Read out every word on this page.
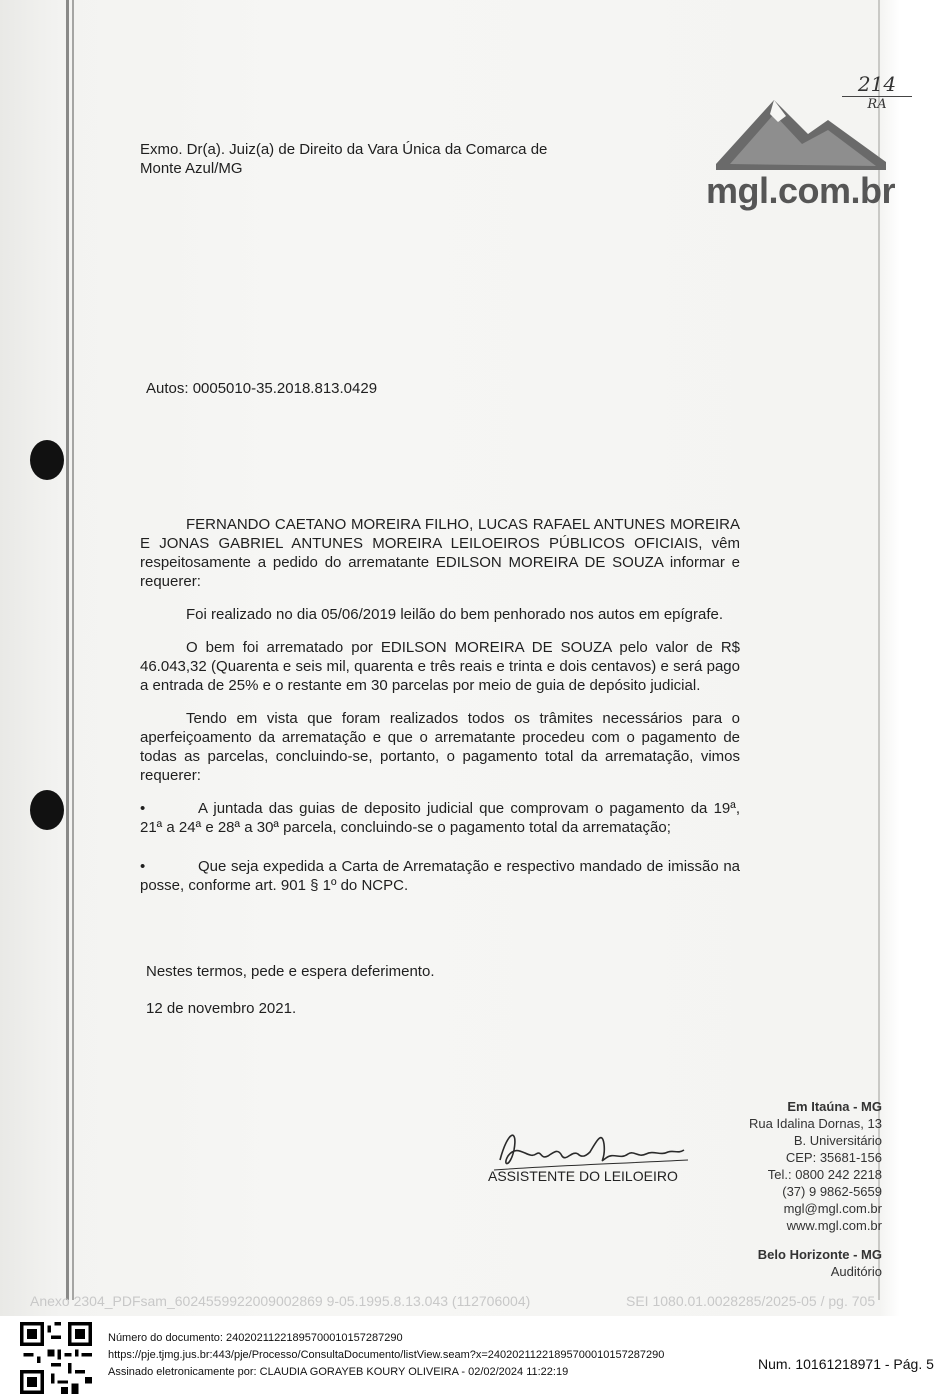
214
RA
mgl.com.br
Exmo. Dr(a). Juiz(a) de Direito da Vara Única da Comarca de Monte Azul/MG
Autos: 0005010-35.2018.813.0429

FERNANDO CAETANO MOREIRA FILHO, LUCAS RAFAEL ANTUNES MOREIRA E JONAS GABRIEL ANTUNES MOREIRA LEILOEIROS PÚBLICOS OFICIAIS, vêm respeitosamente a pedido do arrematante EDILSON MOREIRA DE SOUZA informar e requerer:

Foi realizado no dia 05/06/2019 leilão do bem penhorado nos autos em epígrafe.

O bem foi arrematado por EDILSON MOREIRA DE SOUZA pelo valor de R$ 46.043,32 (Quarenta e seis mil, quarenta e três reais e trinta e dois centavos) e será pago a entrada de 25% e o restante em 30 parcelas por meio de guia de depósito judicial.

Tendo em vista que foram realizados todos os trâmites necessários para o aperfeiçoamento da arrematação e que o arrematante procedeu com o pagamento de todas as parcelas, concluindo-se, portanto, o pagamento total da arrematação, vimos requerer:

• A juntada das guias de deposito judicial que comprovam o pagamento da 19ª, 21ª a 24ª e 28ª a 30ª parcela, concluindo-se o pagamento total da arrematação;
• Que seja expedida a Carta de Arrematação e respectivo mandado de imissão na posse, conforme art. 901 § 1º do NCPC.
Nestes termos, pede e espera deferimento.
12 de novembro 2021.
ASSISTENTE DO LEILOEIRO
Em Itaúna - MG
Rua Idalina Dornas, 13
B. Universitário
CEP: 35681-156
Tel.: 0800 242 2218
(37) 9 9862-5659
mgl@mgl.com.br
www.mgl.com.br
Belo Horizonte - MG
Auditório
Anexo 2304_PDFsam_6024559922009002869 9-05.1995.8.13.043 (112706004)	SEI 1080.01.0028285/2025-05 / pg. 705
Número do documento: 24020211221895700010157287290
https://pje.tjmg.jus.br:443/pje/Processo/ConsultaDocumento/listView.seam?x=24020211221895700010157287290
Assinado eletronicamente por: CLAUDIA GORAYEB KOURY OLIVEIRA - 02/02/2024 11:22:19	Num. 10161218971 - Pág. 5
